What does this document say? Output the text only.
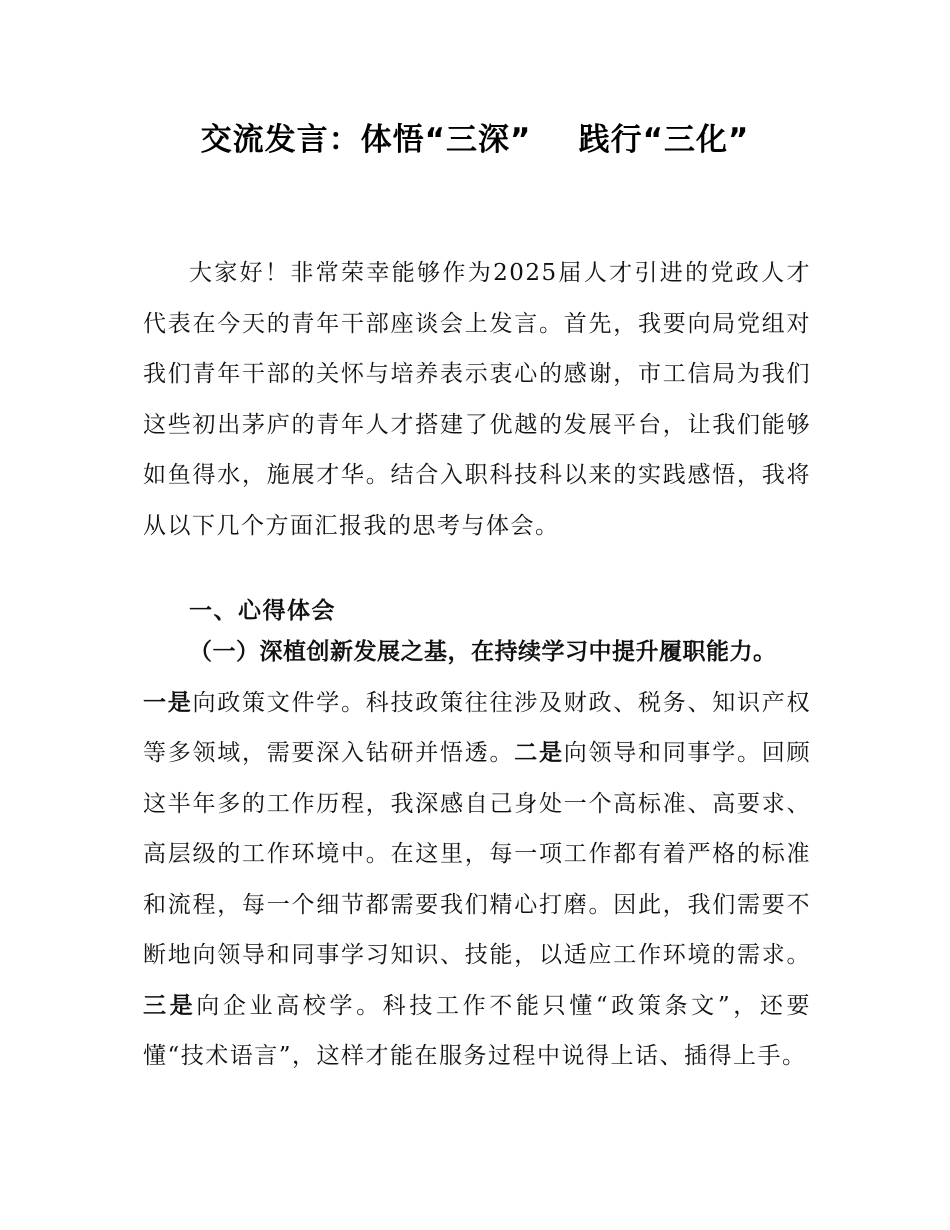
交流发言：体悟“三深”    践行“三化”

大家好！非常荣幸能够作为2025届人才引进的党政人才代表在今天的青年干部座谈会上发言。首先，我要向局党组对我们青年干部的关怀与培养表示衷心的感谢，市工信局为我们这些初出茅庐的青年人才搭建了优越的发展平台，让我们能够如鱼得水，施展才华。结合入职科技科以来的实践感悟，我将从以下几个方面汇报我的思考与体会。

一、心得体会

（一）深植创新发展之基，在持续学习中提升履职能力。
一是向政策文件学。科技政策往往涉及财政、税务、知识产权等多领域，需要深入钻研并悟透。二是向领导和同事学。回顾这半年多的工作历程，我深感自己身处一个高标准、高要求、高层级的工作环境中。在这里，每一项工作都有着严格的标准和流程，每一个细节都需要我们精心打磨。因此，我们需要不断地向领导和同事学习知识、技能，以适应工作环境的需求。三是向企业高校学。科技工作不能只懂“政策条文”，还要懂“技术语言”，这样才能在服务过程中说得上话、插得上手。
